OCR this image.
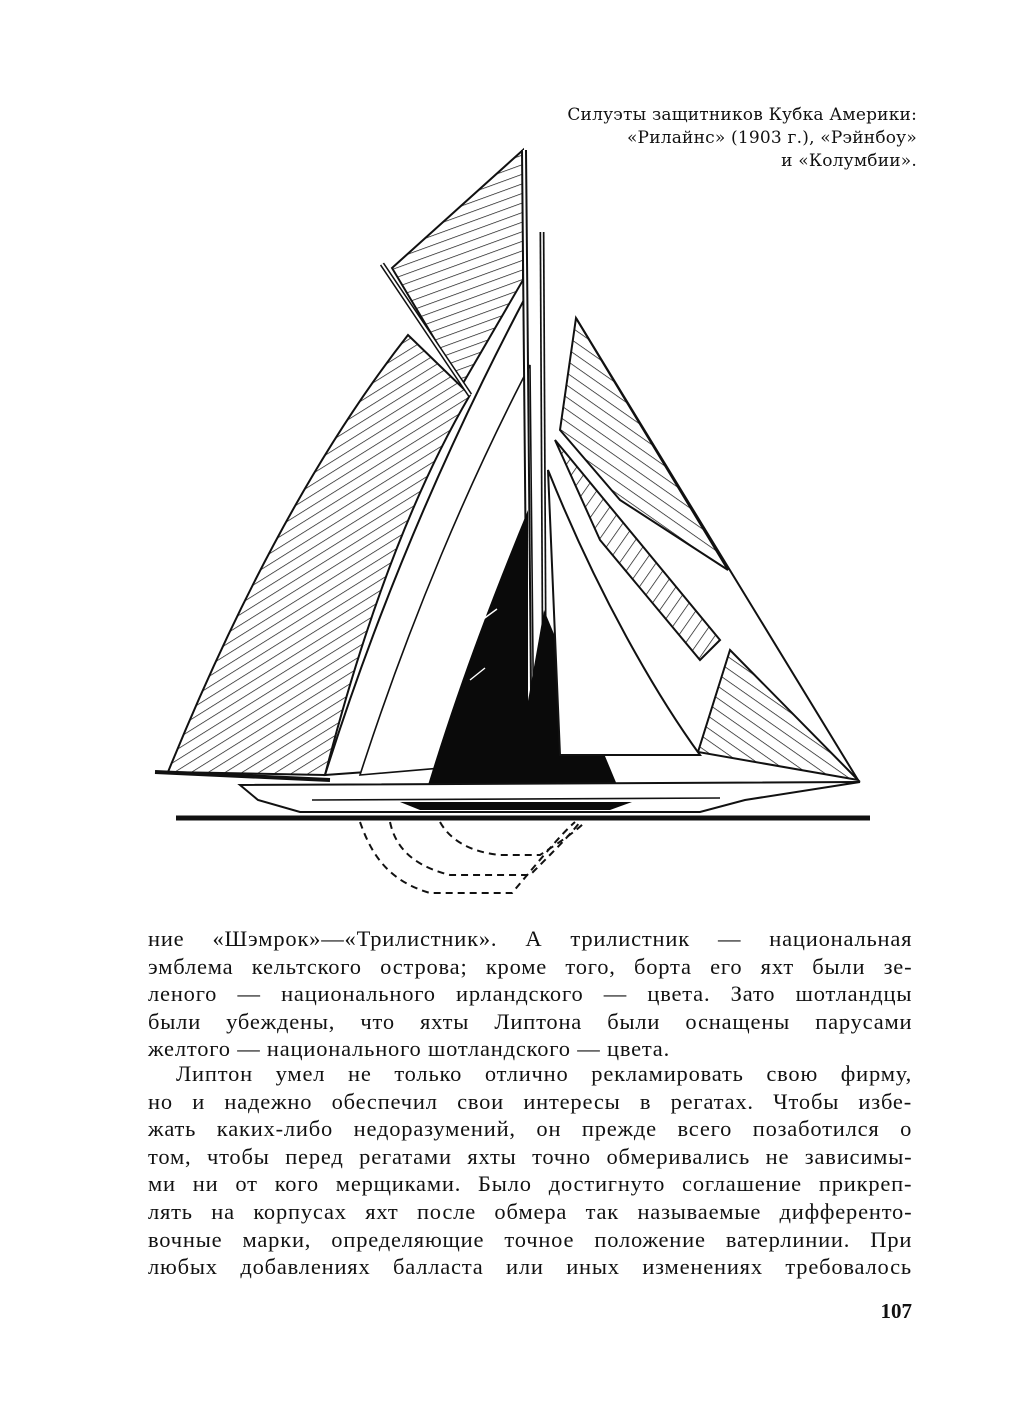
Силуэты защитников Кубка Америки:
«Рилайнс» (1903 г.), «Рэйнбоу»
и «Колумбии».
ние «Шэмрок»—«Трилистник». А трилистник — национальная
эмблема кельтского острова; кроме того, борта его яхт были зе-
леного — национального ирландского — цвета. Зато шотландцы
были убеждены, что яхты Липтона были оснащены парусами
желтого — национального шотландского — цвета.
Липтон умел не только отлично рекламировать свою фирму,
но и надежно обеспечил свои интересы в регатах. Чтобы избе-
жать каких-либо недоразумений, он прежде всего позаботился о
том, чтобы перед регатами яхты точно обмеривались не зависимы-
ми ни от кого мерщиками. Было достигнуто соглашение прикреп-
лять на корпусах яхт после обмера так называемые дифференто-
вочные марки, определяющие точное положение ватерлинии. При
любых добавлениях балласта или иных изменениях требовалось
107
